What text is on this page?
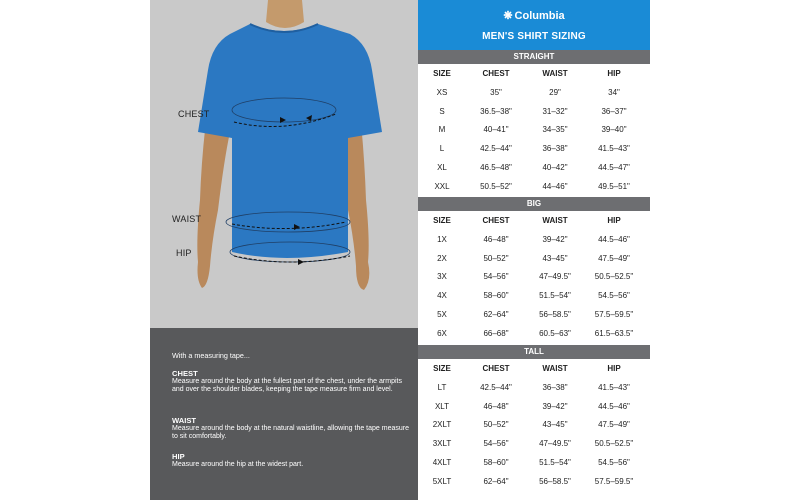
CHEST
WAIST
HIP
With a measuring tape...
CHEST
Measure around the body at the fullest part of the chest, under the armpits and over the shoulder blades, keeping the tape measure firm and level.
WAIST
Measure around the body at the natural waistline, allowing the tape measure to sit comfortably.
HIP
Measure around the hip at the widest part.
❋ Columbia
MEN'S SHIRT SIZING
STRAIGHT
SIZE	CHEST	WAIST	HIP
XS	35"	29"	34"
S	36.5–38"	31–32"	36–37"
M	40–41"	34–35"	39–40"
L	42.5–44"	36–38"	41.5–43"
XL	46.5–48"	40–42"	44.5–47"
XXL	50.5–52"	44–46"	49.5–51"
BIG
SIZE	CHEST	WAIST	HIP
1X	46–48"	39–42"	44.5–46"
2X	50–52"	43–45"	47.5–49"
3X	54–56"	47–49.5"	50.5–52.5"
4X	58–60"	51.5–54"	54.5–56"
5X	62–64"	56–58.5"	57.5–59.5"
6X	66–68"	60.5–63"	61.5–63.5"
TALL
SIZE	CHEST	WAIST	HIP
LT	42.5–44"	36–38"	41.5–43"
XLT	46–48"	39–42"	44.5–46"
2XLT	50–52"	43–45"	47.5–49"
3XLT	54–56"	47–49.5"	50.5–52.5"
4XLT	58–60"	51.5–54"	54.5–56"
5XLT	62–64"	56–58.5"	57.5–59.5"
